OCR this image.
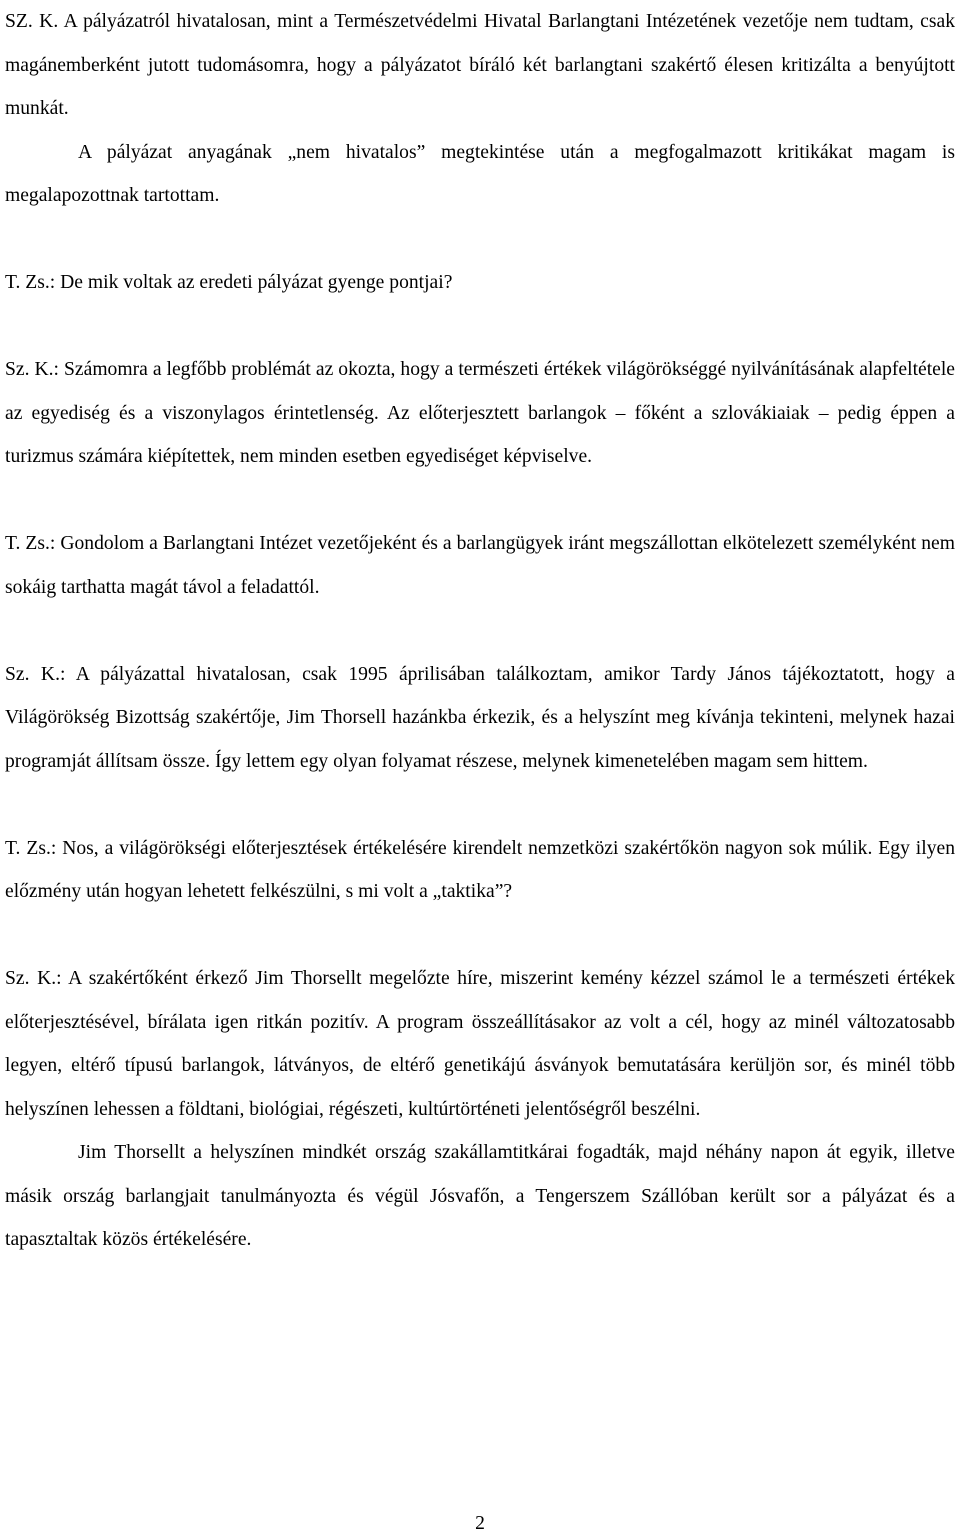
SZ. K. A pályázatról hivatalosan, mint a Természetvédelmi Hivatal Barlangtani Intézetének vezetője nem tudtam, csak magánemberként jutott tudomásomra, hogy a pályázatot bíráló két barlangtani szakértő élesen kritizálta a benyújtott munkát.

A pályázat anyagának „nem hivatalos” megtekintése után a megfogalmazott kritikákat magam is megalapozottnak tartottam.

T. Zs.: De mik voltak az eredeti pályázat gyenge pontjai?

Sz. K.: Számomra a legfőbb problémát az okozta, hogy a természeti értékek világörökséggé nyilvánításának alapfeltétele az egyediség és a viszonylagos érintetlenség. Az előterjesztett barlangok – főként a szlovákiaiak – pedig éppen a turizmus számára kiépítettek, nem minden esetben egyediséget képviselve.

T. Zs.: Gondolom a Barlangtani Intézet vezetőjeként és a barlangügyek iránt megszállottan elkötelezett személyként nem sokáig tarthatta magát távol a feladattól.

Sz. K.: A pályázattal hivatalosan, csak 1995 áprilisában találkoztam, amikor Tardy János tájékoztatott, hogy a Világörökség Bizottság szakértője, Jim Thorsell hazánkba érkezik, és a helyszínt meg kívánja tekinteni, melynek hazai programját állítsam össze. Így lettem egy olyan folyamat részese, melynek kimenetelében magam sem hittem.

T. Zs.: Nos, a világörökségi előterjesztések értékelésére kirendelt nemzetközi szakértőkön nagyon sok múlik. Egy ilyen előzmény után hogyan lehetett felkészülni, s mi volt a „taktika”?

Sz. K.: A szakértőként érkező Jim Thorsellt megelőzte híre, miszerint kemény kézzel számol le a természeti értékek előterjesztésével, bírálata igen ritkán pozitív. A program összeállításakor az volt a cél, hogy az minél változatosabb legyen, eltérő típusú barlangok, látványos, de eltérő genetikájú ásványok bemutatására kerüljön sor, és minél több helyszínen lehessen a földtani, biológiai, régészeti, kultúrtörténeti jelentőségről beszélni.

Jim Thorsellt a helyszínen mindkét ország szakállamtitkárai fogadták, majd néhány napon át egyik, illetve másik ország barlangjait tanulmányozta és végül Jósvafőn, a Tengerszem Szállóban került sor a pályázat és a tapasztaltak közös értékelésére.

2
